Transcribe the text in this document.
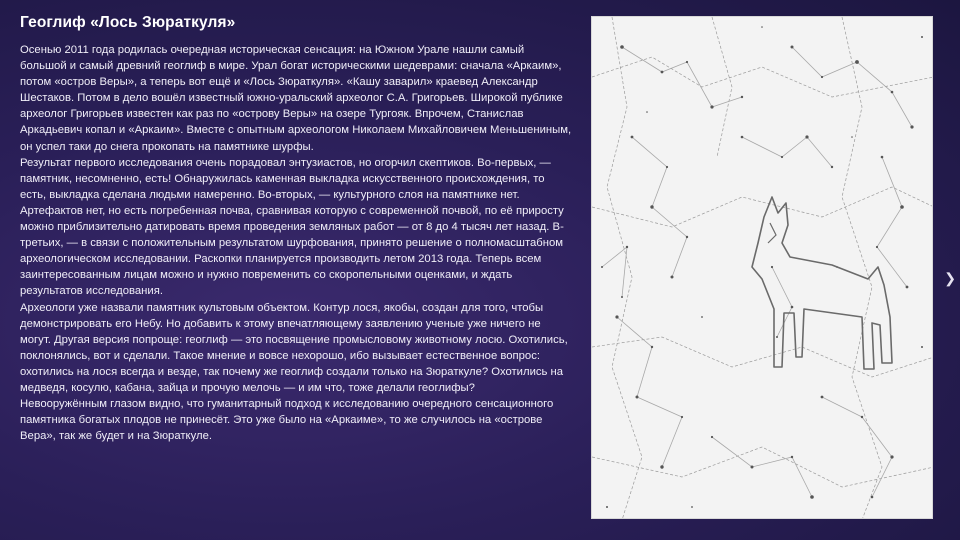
Геоглиф «Лось Зюраткуля»

Осенью 2011 года родилась очередная историческая сенсация: на Южном Урале нашли самый большой и самый древний геоглиф в мире. Урал богат историческими шедеврами: сначала «Аркаим», потом «остров Веры», а теперь вот ещё и «Лось Зюраткуля». «Кашу заварил» краевед Александр Шестаков. Потом в дело вошёл известный южно-уральский археолог С.А. Григорьев. Широкой публике археолог Григорьев известен как раз по «острову Веры» на озере Тургояк. Впрочем, Станислав Аркадьевич копал и «Аркаим». Вместе с опытным археологом Николаем Михайловичем Меньшениным, он успел таки до снега прокопать на памятнике шурфы.

Результат первого исследования очень порадовал энтузиастов, но огорчил скептиков. Во-первых, — памятник, несомненно, есть! Обнаружилась каменная выкладка искусственного происхождения, то есть, выкладка сделана людьми намеренно. Во-вторых, — культурного слоя на памятнике нет. Артефактов нет, но есть погребенная почва, сравнивая которую с современной почвой, по её приросту можно приблизительно датировать время проведения земляных работ — от 8 до 4 тысяч лет назад. В-третьих, — в связи с положительным результатом шурфования, принято решение о полномасштабном археологическом исследовании. Раскопки планируется производить летом 2013 года. Теперь всем заинтересованным лицам можно и нужно повременить со скоропельными оценками, и ждать результатов исследования.

Археологи уже назвали памятник культовым объектом. Контур лося, якобы, создан для того, чтобы демонстрировать его Небу. Но добавить к этому впечатляющему заявлению ученые уже ничего не могут. Другая версия попроще: геоглиф — это посвящение промысловому животному лосю. Охотились, поклонялись, вот и сделали. Такое мнение и вовсе нехорошо, ибо вызывает естественное вопрос: охотились на лося всегда и везде, так почему же геоглиф создали только на Зюраткуле? Охотились на медведя, косулю, кабана, зайца и прочую мелочь — и им что, тоже делали геоглифы?

Невооружённым глазом видно, что гуманитарный подход к исследованию очередного сенсационного памятника богатых плодов не принесёт. Это уже было на «Аркаиме», то же случилось на «острове Вера», так же будет и на Зюраткуле.

❯
